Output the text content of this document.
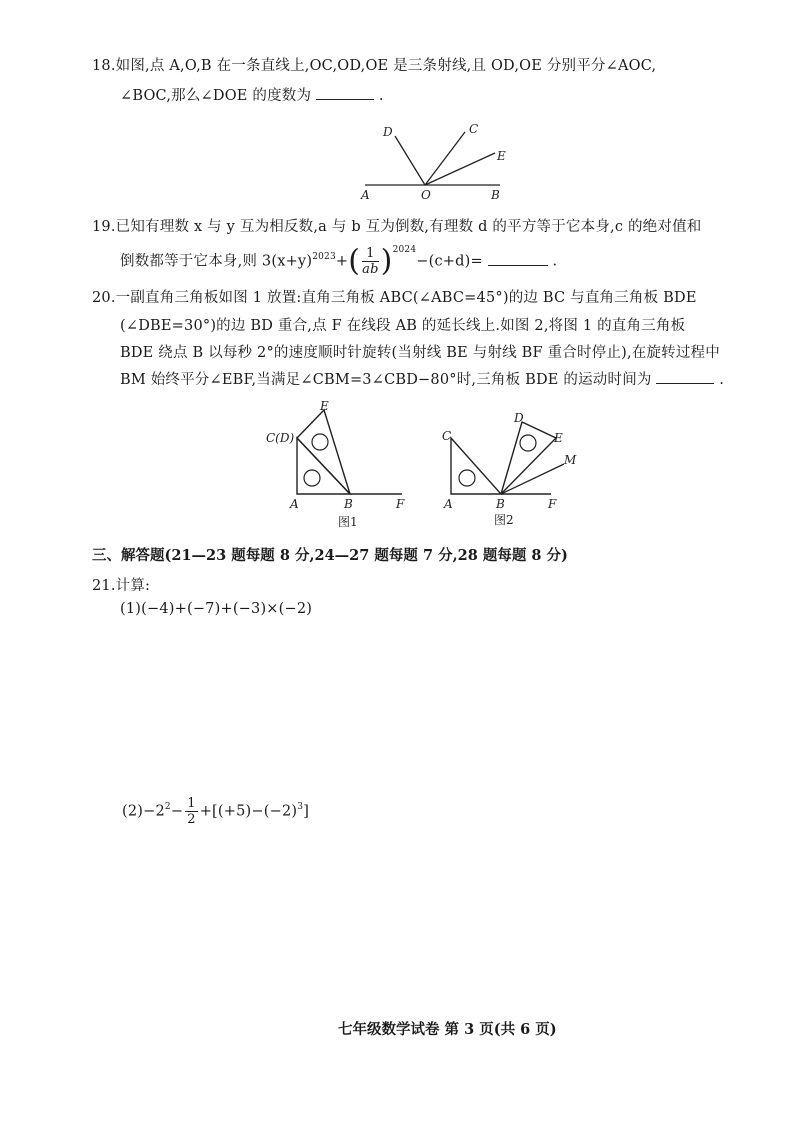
18.如图,点 A,O,B 在一条直线上,OC,OD,OE 是三条射线,且 OD,OE 分别平分∠AOC,
∠BOC,那么∠DOE 的度数为	.
D	C
E
A	O	B
19.已知有理数 x 与 y 互为相反数,a 与 b 互为倒数,有理数 d 的平方等于它本身,c 的绝对值和
倒数都等于它本身,则 $3(x+y)^{2023}+( \frac{1}{ab} )^{2024}-(c+d)=$	.
20.一副直角三角板如图 1 放置:直角三角板 ABC(∠ABC=45°)的边 BC 与直角三角板 BDE
(∠DBE=30°)的边 BD 重合,点 F 在线段 AB 的延长线上.如图 2,将图 1 的直角三角板
BDE 绕点 B 以每秒 2°的速度顺时针旋转(当射线 BE 与射线 BF 重合时停止),在旋转过程中
BM 始终平分∠EBF,当满足∠CBM=3∠CBD−80°时,三角板 BDE 的运动时间为	.
E
C(D)
A	B	F
图1
C
D
E
M
A	B	F
图2
三、解答题(21—23 题每题 8 分,24—27 题每题 7 分,28 题每题 8 分)
21.计算:
(1)(−4)+(−7)+(−3)×(−2)
$(2)-2^2- \frac{1}{2} +[(+5)-(-2)^3]$
七年级数学试卷 第 3 页(共 6 页)
